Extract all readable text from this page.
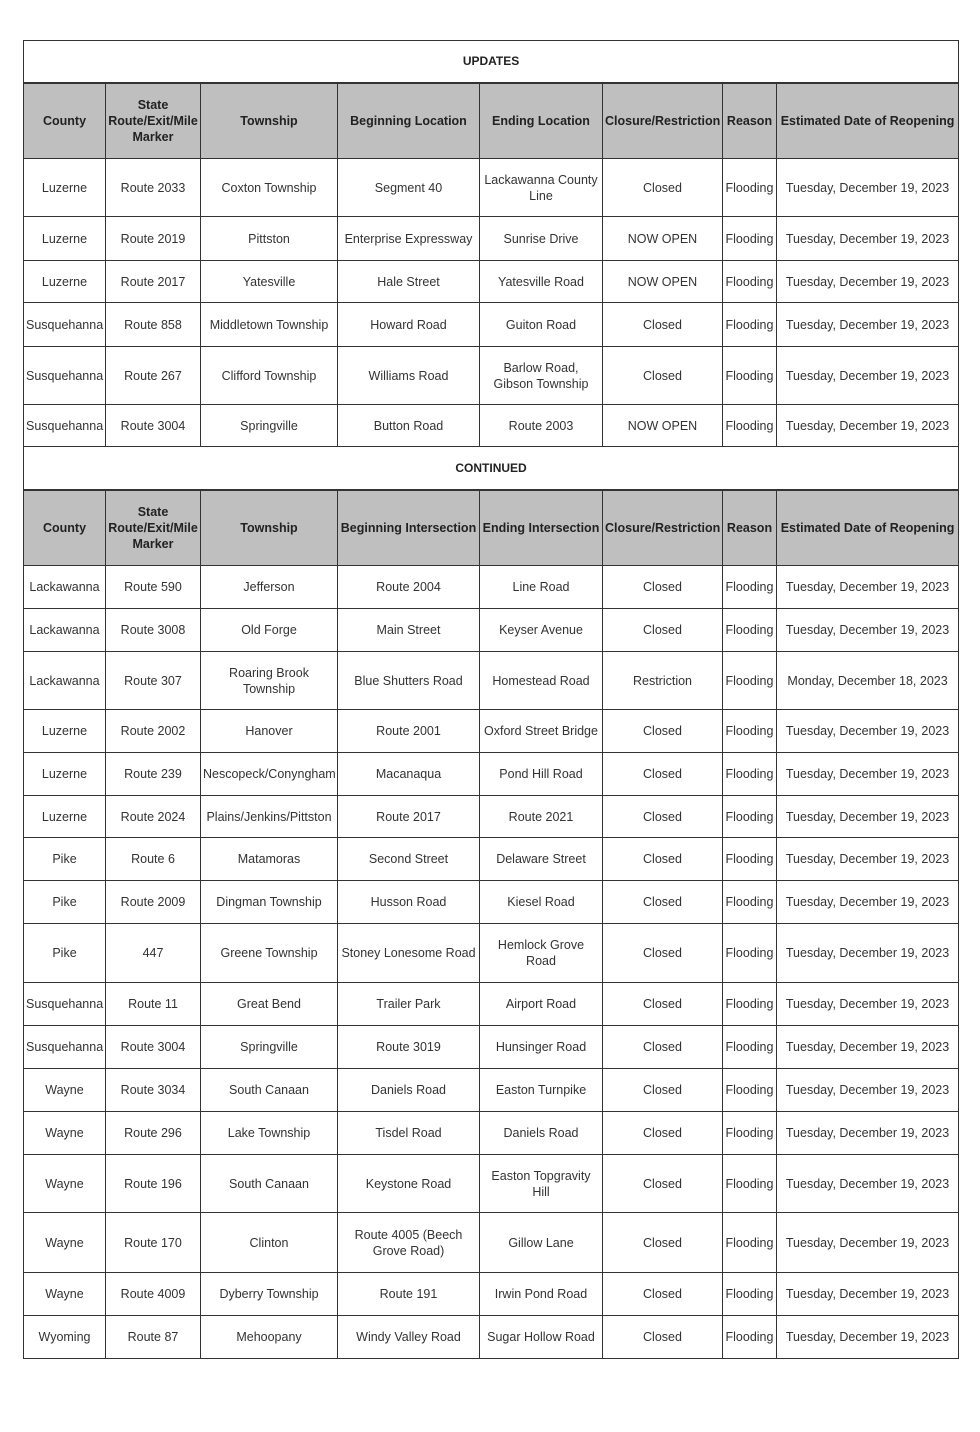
UPDATES							
County	State Route/Exit/Mile Marker	Township	Beginning Location	Ending Location	Closure/Restriction	Reason	Estimated Date of Reopening
Luzerne	Route 2033	Coxton Township	Segment 40	Lackawanna County Line	Closed	Flooding	Tuesday, December 19, 2023
Luzerne	Route 2019	Pittston	Enterprise Expressway	Sunrise Drive	NOW OPEN	Flooding	Tuesday, December 19, 2023
Luzerne	Route 2017	Yatesville	Hale Street	Yatesville Road	NOW OPEN	Flooding	Tuesday, December 19, 2023
Susquehanna	Route 858	Middletown Township	Howard Road	Guiton Road	Closed	Flooding	Tuesday, December 19, 2023
Susquehanna	Route 267	Clifford Township	Williams Road	Barlow Road, Gibson Township	Closed	Flooding	Tuesday, December 19, 2023
Susquehanna	Route 3004	Springville	Button Road	Route 2003	NOW OPEN	Flooding	Tuesday, December 19, 2023
CONTINUED							
County	State Route/Exit/Mile Marker	Township	Beginning Intersection	Ending Intersection	Closure/Restriction	Reason	Estimated Date of Reopening
Lackawanna	Route 590	Jefferson	Route 2004	Line Road	Closed	Flooding	Tuesday, December 19, 2023
Lackawanna	Route 3008	Old Forge	Main Street	Keyser Avenue	Closed	Flooding	Tuesday, December 19, 2023
Lackawanna	Route 307	Roaring Brook Township	Blue Shutters Road	Homestead Road	Restriction	Flooding	Monday, December 18, 2023
Luzerne	Route 2002	Hanover	Route 2001	Oxford Street Bridge	Closed	Flooding	Tuesday, December 19, 2023
Luzerne	Route 239	Nescopeck/Conyngham	Macanaqua	Pond Hill Road	Closed	Flooding	Tuesday, December 19, 2023
Luzerne	Route 2024	Plains/Jenkins/Pittston	Route 2017	Route 2021	Closed	Flooding	Tuesday, December 19, 2023
Pike	Route 6	Matamoras	Second Street	Delaware Street	Closed	Flooding	Tuesday, December 19, 2023
Pike	Route 2009	Dingman Township	Husson Road	Kiesel Road	Closed	Flooding	Tuesday, December 19, 2023
Pike	447	Greene Township	Stoney Lonesome Road	Hemlock Grove Road	Closed	Flooding	Tuesday, December 19, 2023
Susquehanna	Route 11	Great Bend	Trailer Park	Airport Road	Closed	Flooding	Tuesday, December 19, 2023
Susquehanna	Route 3004	Springville	Route 3019	Hunsinger Road	Closed	Flooding	Tuesday, December 19, 2023
Wayne	Route 3034	South Canaan	Daniels Road	Easton Turnpike	Closed	Flooding	Tuesday, December 19, 2023
Wayne	Route 296	Lake Township	Tisdel Road	Daniels Road	Closed	Flooding	Tuesday, December 19, 2023
Wayne	Route 196	South Canaan	Keystone Road	Easton Topgravity Hill	Closed	Flooding	Tuesday, December 19, 2023
Wayne	Route 170	Clinton	Route 4005 (Beech Grove Road)	Gillow Lane	Closed	Flooding	Tuesday, December 19, 2023
Wayne	Route 4009	Dyberry Township	Route 191	Irwin Pond Road	Closed	Flooding	Tuesday, December 19, 2023
Wyoming	Route 87	Mehoopany	Windy Valley Road	Sugar Hollow Road	Closed	Flooding	Tuesday, December 19, 2023
